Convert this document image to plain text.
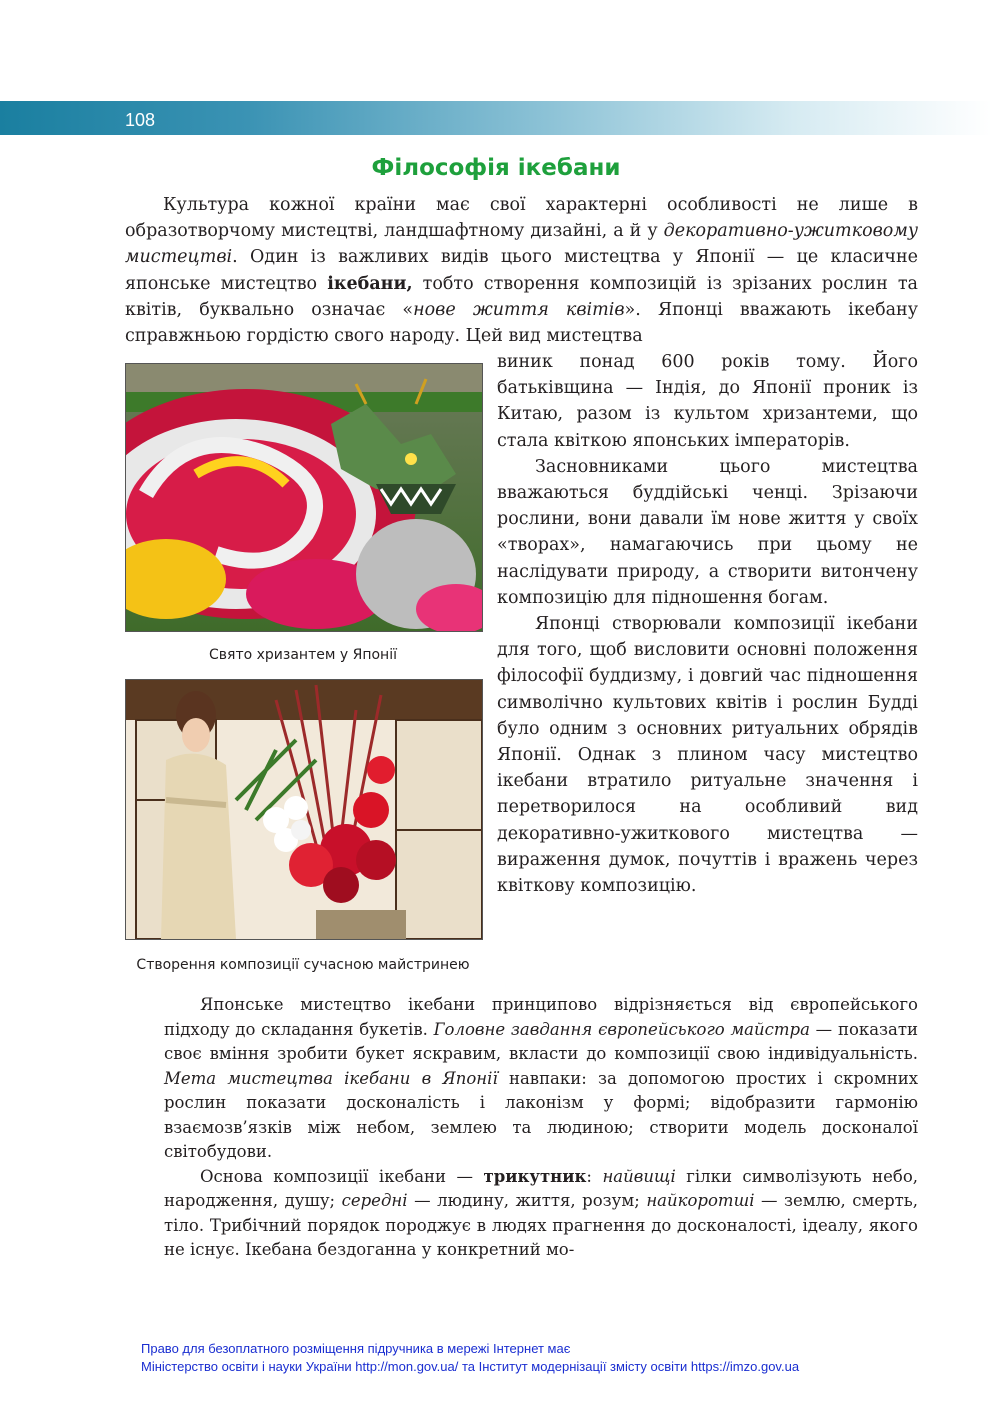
108
Філософія ікебани

Культура кожної країни має свої характерні особливості не лише в образотворчому мистецтві, ландшафтному дизайні, а й у декоративно-ужитковому мистецтві. Один із важливих видів цього мистецтва у Японії — це класичне японське мистецтво ікебани, тобто створення композицій із зрізаних рослин та квітів, буквально означає «нове життя квітів». Японці вважають ікебану справжньою гордістю свого народу. Цей вид мистецтва

Свято хризантем у Японії
Створення композиції сучасною майстринею

виник понад 600 років тому. Його батьківщина — Індія, до Японії проник із Китаю, разом із культом хризантеми, що стала квіткою японських імператорів.

Засновниками цього мистецтва вважаються буддійські ченці. Зрізаючи рослини, вони давали їм нове життя у своїх «творах», намагаючись при цьому не наслідувати природу, а створити витончену композицію для підношення богам.

Японці створювали композиції ікебани для того, щоб висловити основні положення філософії буддизму, і довгий час підношення символічно культових квітів і рослин Будді було одним з основних ритуальних обрядів Японії. Однак з плином часу мистецтво ікебани втратило ритуальне значення і перетворилося на особливий вид декоративно-ужиткового мистецтва — вираження думок, почуттів і вражень через квіткову композицію.

Японське мистецтво ікебани принципово відрізняється від європейського підходу до складання букетів. Головне завдання європейського майстра — показати своє вміння зробити букет яскравим, вкласти до композиції свою індивідуальність. Мета мистецтва ікебани в Японії навпаки: за допомогою простих і скромних рослин показати досконалість і лаконізм у формі; відобразити гармонію взаємозв’язків між небом, землею та людиною; створити модель досконалої світобудови.

Основа композиції ікебани — трикутник: найвищі гілки символізують небо, народження, душу; середні — людину, життя, розум; найкоротші — землю, смерть, тіло. Трибічний порядок породжує в людях прагнення до досконалості, ідеалу, якого не існує. Ікебана бездоганна у конкретний мо-

Право для безоплатного розміщення підручника в мережі Інтернет має
Міністерство освіти і науки України http://mon.gov.ua/ та Інститут модернізації змісту освіти https://imzo.gov.ua
